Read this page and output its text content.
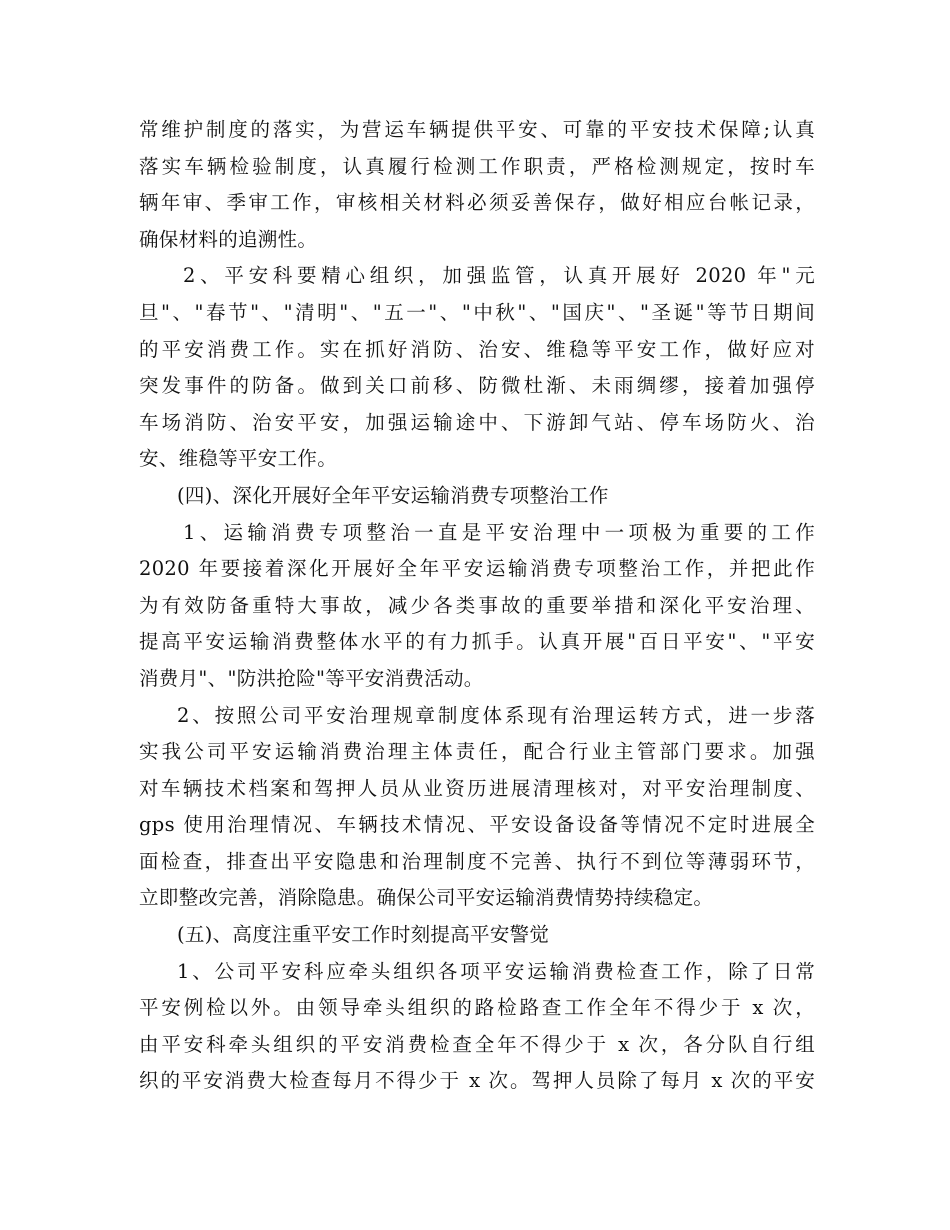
常维护制度的落实，为营运车辆提供平安、可靠的平安技术保障;认真
落实车辆检验制度，认真履行检测工作职责，严格检测规定，按时车
辆年审、季审工作，审核相关材料必须妥善保存，做好相应台帐记录，
确保材料的追溯性。
2、平安科要精心组织，加强监管，认真开展好 2020 年"元
旦"、"春节"、"清明"、"五一"、"中秋"、"国庆"、"圣诞"等节日期间
的平安消费工作。实在抓好消防、治安、维稳等平安工作，做好应对
突发事件的防备。做到关口前移、防微杜渐、未雨绸缪，接着加强停
车场消防、治安平安，加强运输途中、下游卸气站、停车场防火、治
安、维稳等平安工作。
(四)、深化开展好全年平安运输消费专项整治工作
1、运输消费专项整治一直是平安治理中一项极为重要的工作
2020 年要接着深化开展好全年平安运输消费专项整治工作，并把此作
为有效防备重特大事故，减少各类事故的重要举措和深化平安治理、
提高平安运输消费整体水平的有力抓手。认真开展"百日平安"、"平安
消费月"、"防洪抢险"等平安消费活动。
2、按照公司平安治理规章制度体系现有治理运转方式，进一步落
实我公司平安运输消费治理主体责任，配合行业主管部门要求。加强
对车辆技术档案和驾押人员从业资历进展清理核对，对平安治理制度、
gps 使用治理情况、车辆技术情况、平安设备设备等情况不定时进展全
面检查，排查出平安隐患和治理制度不完善、执行不到位等薄弱环节，
立即整改完善，消除隐患。确保公司平安运输消费情势持续稳定。
(五)、高度注重平安工作时刻提高平安警觉
1、公司平安科应牵头组织各项平安运输消费检查工作，除了日常
平安例检以外。由领导牵头组织的路检路查工作全年不得少于 x 次，
由平安科牵头组织的平安消费检查全年不得少于 x 次，各分队自行组
织的平安消费大检查每月不得少于 x 次。驾押人员除了每月 x 次的平安
